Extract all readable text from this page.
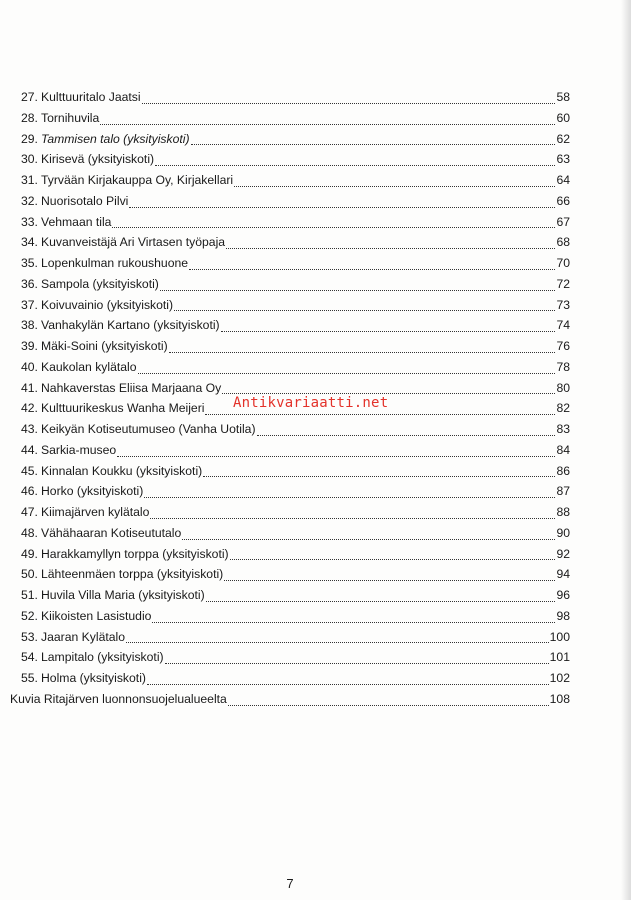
27. Kulttuuritalo Jaatsi	58
28. Tornihuvila	60
29. Tammisen talo (yksityiskoti)	62
30. Kirisevä (yksityiskoti)	63
31. Tyrvään Kirjakauppa Oy, Kirjakellari	64
32. Nuorisotalo Pilvi	66
33. Vehmaan tila	67
34. Kuvanveistäjä Ari Virtasen työpaja	68
35. Lopenkulman rukoushuone	70
36. Sampola (yksityiskoti)	72
37. Koivuvainio (yksityiskoti)	73
38. Vanhakylän Kartano (yksityiskoti)	74
39. Mäki-Soini (yksityiskoti)	76
40. Kaukolan kylätalo	78
41. Nahkaverstas Eliisa Marjaana Oy	80
42. Kulttuurikeskus Wanha Meijeri	82
43. Keikyän Kotiseutumuseo (Vanha Uotila)	83
44. Sarkia-museo	84
45. Kinnalan Koukku (yksityiskoti)	86
46. Horko (yksityiskoti)	87
47. Kiimajärven kylätalo	88
48. Vähähaaran Kotiseututalo	90
49. Harakkamyllyn torppa (yksityiskoti)	92
50. Lähteenmäen torppa (yksityiskoti)	94
51. Huvila Villa Maria (yksityiskoti)	96
52. Kiikoisten Lasistudio	98
53. Jaaran Kylätalo	100
54. Lampitalo (yksityiskoti)	101
55. Holma (yksityiskoti)	102
Kuvia Ritajärven luonnonsuojelualueelta	108
Antikvariaatti.net
7
